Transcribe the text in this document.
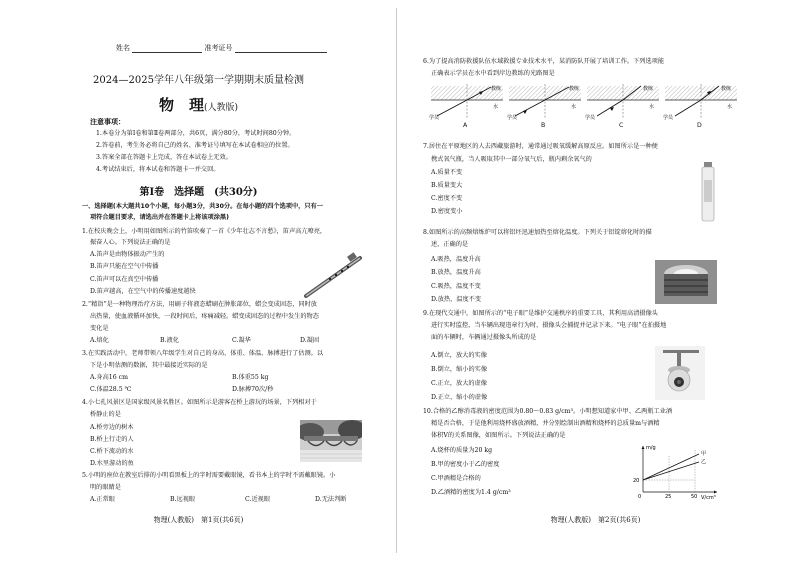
姓名	准考证号
2024—2025学年八年级第一学期期末质量检测
物　理(人教版)
注意事项：
1.本卷分为第Ⅰ卷和第Ⅱ卷两部分，共6页，满分80分，考试时间80分钟。
2.答卷前，考生务必将自己的姓名、准考证号填写在本试卷相应的位置。
3.答案全部在答题卡上完成，答在本试卷上无效。
4.考试结束后，将本试卷和答题卡一并交回。
第Ⅰ卷　选择题　(共30分)
一、选择题(本大题共10个小题，每小题3分，共30分。在每小题的四个选项中，只有一
项符合题目要求，请选出并在答题卡上将该项涂黑)
1.在校庆晚会上，小明用如图所示的竹笛吹奏了一首《少年壮志不言愁》，笛声高亢嘹亮，
振奋人心。下列说法正确的是
A.笛声是由物体振动产生的
B.笛声只能在空气中传播
C.笛声可以在真空中传播
D.笛声越高，在空气中的传播速度越快
2.“精诣”是一种物理治疗方法，用刷子将液态蜡刷在肿胀部位，蜡会变成固态，同时放
出热量，使血液循环加快，一段时间后，疼痛减轻。蜡变成固态的过程中发生的物态
变化是
A.熔化	B.液化	C.凝华	D.凝固
3.在实践活动中，老师带领八年级学生对自己的身高、体重、体温、脉搏进行了估测。以
下是小明估测的数据，其中最接近实际的是
A.身高16 cm	B.体重55 kg
C.体温28.5 ℃	D.脉搏70次/秒
4.小七孔风景区是国家级风景名胜区。如图所示是游客在桥上游玩的场景，下列相对于
桥静止的是
A.桥旁边的树木
B.桥上行走的人
C.桥下流动的水
D.水里游动的鱼
5.小明的座位在教室后排的小明看黑板上的字时需要戴眼镜，看书本上的字时不需戴眼镜。小
明的眼睛是
A.正常眼	B.远视眼	C.近视眼	D.无法判断
物理(人教版)　第1页(共6页)
6.为了提高消防救援队伍水域救援专业技术水平，某消防队开展了培训工作。下列选项能
正确表示学员在水中看到岸边教练的光路图是
教练
水
学员
A
教练
水
学员
B
教练
水
学员
C
教练
水
学员
D
7.居住在平原地区的人去西藏旅游时，通常通过吸氧缓解高原反应。如图所示是一种便
携式氧气瓶，当人吸取其中一部分氧气后，瓶内剩余氧气的
A.质量不变
B.质量变大
C.密度不变
D.密度变小
8.如图所示的高频熔炼炉可以将铝坯迅速加热至熔化温度。下列关于铝锭熔化时的描
述，正确的是
A.吸热，温度升高
B.放热，温度升高
C.吸热，温度不变
D.放热，温度不变
9.在现代交通中，如图所示的“电子眼”是维护交通秩序的重要工具，其利用高清摄像头
进行实时监控，当车辆出现违章行为时，摄像头会捕捉并记录下来。“电子眼”在拍摄地
面的车辆时，车辆通过摄像头所成的是
A.倒立，放大的实像
B.倒立，缩小的实像
C.正立，放大的虚像
D.正立，缩小的虚像
10.合格的乙醇消毒液的密度范围为0.80～0.83 g/cm³。小明想知道家中甲、乙两瓶工业酒
精是否合格，于是他利用烧杯盛放酒精，并分别绘制出酒精和烧杯的总质量m与酒精
体积V的关系图像，如图所示。下列说法正确的是
A.烧杯的质量为20 kg
B.甲的密度小于乙的密度
C.甲酒精是合格的
D.乙酒精的密度为1.4 g/cm³
m/g
V/cm³
0	25	50
20
甲
乙
物理(人教版)　第2页(共6页)
